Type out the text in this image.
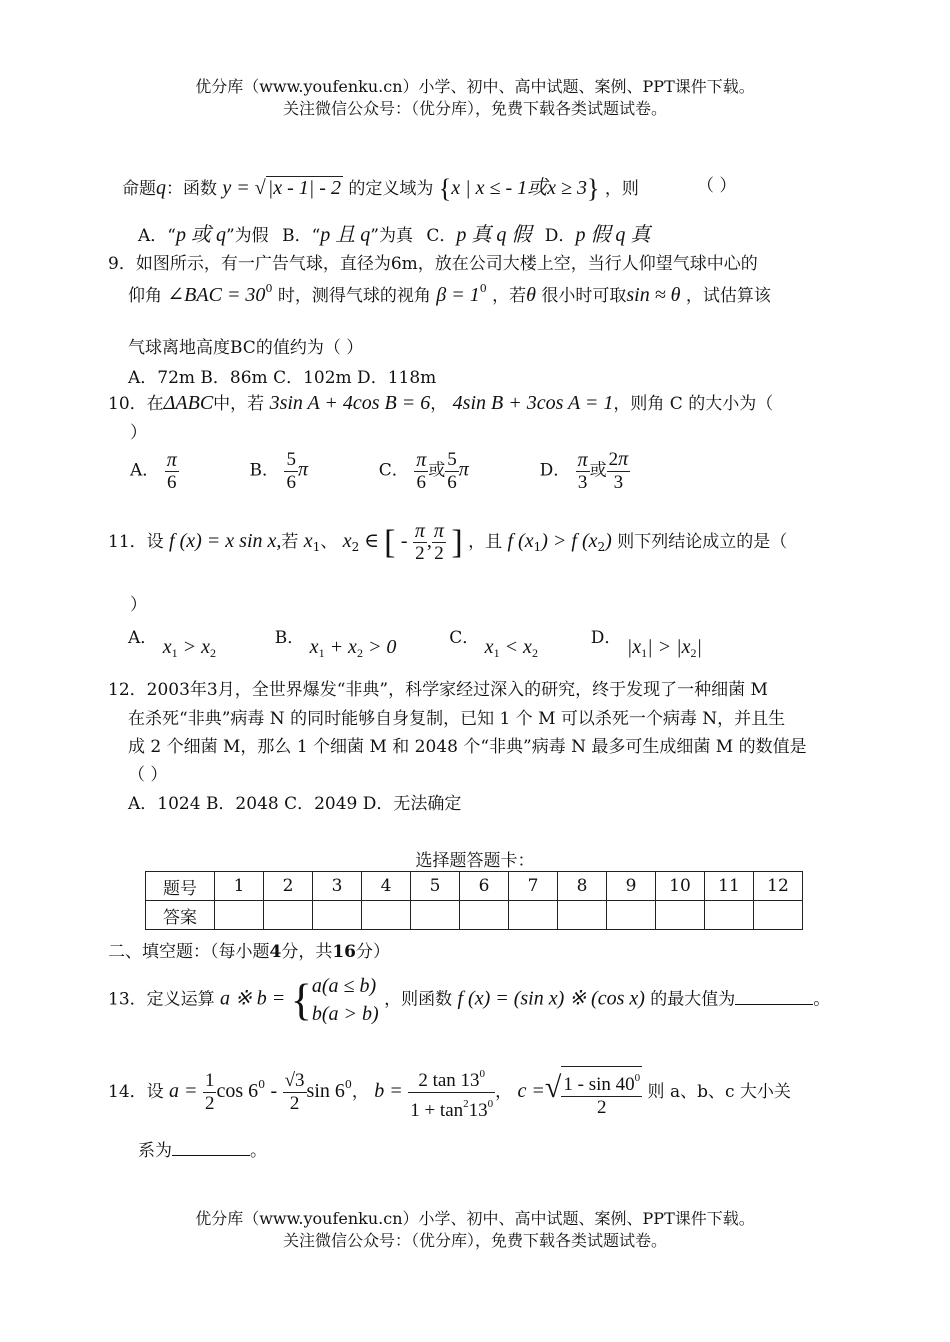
优分库（www.youfenku.cn）小学、初中、高中试题、案例、PPT课件下载。
关注微信公众号：（优分库），免费下载各类试题试卷。
命题q：函数 y = √ |x - 1| - 2 的定义域为 {x | x ≤ - 1或x ≥ 3} ，则	（ ）
A．“p 或 q”为假 B．“p 且 q”为真 C．p 真 q 假 D．p 假 q 真
9．如图所示，有一广告气球，直径为6m，放在公司大楼上空，当行人仰望气球中心的
仰角 ∠BAC = $30^0$ 时，测得气球的视角 $\beta = 1^0$ ，若θ 很小时可取sin ≈ θ ，试估算该
气球离地高度BC的值约为（ ）
A．72m B．86m C．102m D．118m
10．在ΔABC中，若 3sin A + 4cos B = 6， 4sin B + 3cos A = 1，则角 C 的大小为（
）
A． $\frac{\pi}{6}$	B． $\frac{5}{6}$ π	C． $\frac{\pi}{6}$ 或 $\frac{5}{6}$ π	D． $\frac{\pi}{3}$ 或 $\frac{2\pi}{3}$
11．设 f (x) = x sin x,若 $x_1$、 $x_2$ ∈ [ - $\frac{\pi}{2}$ , $\frac{\pi}{2}$ ] ，且 f $(x_1) > f$ $(x_2)$ 则下列结论成立的是（
）
A． $x_1 > x_2$  B． $x_1 + x_2 > 0$	C． $x_1 < x_2$  D． $|x_1| > |x_2|$
12．2003年3月，全世界爆发“非典”，科学家经过深入的研究，终于发现了一种细菌 M
在杀死“非典”病毒 N 的同时能够自身复制，已知 1 个 M 可以杀死一个病毒 N，并且生
成 2 个细菌 M，那么 1 个细菌 M 和 2048 个“非典”病毒 N 最多可生成细菌 M 的数值是
（ ）
A．1024 B．2048 C．2049 D．无法确定
选择题答题卡：
题号	1	2	3	4	5	6	7	8	9	10	11	12
答案												
二、填空题：（每小题4分，共16分）
13．定义运算 a ※ b = { a(a ≤ b)
b(a > b)
，则函数 f (x) = (sin x) ※ (cos x) 的最大值为	。
14．设 $a = \frac{1}{2}$ $\cos 6^0 - \frac{√3}{2}$ $\sin 6^0$， $b = \frac{2 \tan 13^0}{1 + \tan^213^0}$ ， c =√ $\frac{1 - \sin 40^0}{2}$ 则 a、b、c 大小关
系为	。
优分库（www.youfenku.cn）小学、初中、高中试题、案例、PPT课件下载。
关注微信公众号：（优分库），免费下载各类试题试卷。
